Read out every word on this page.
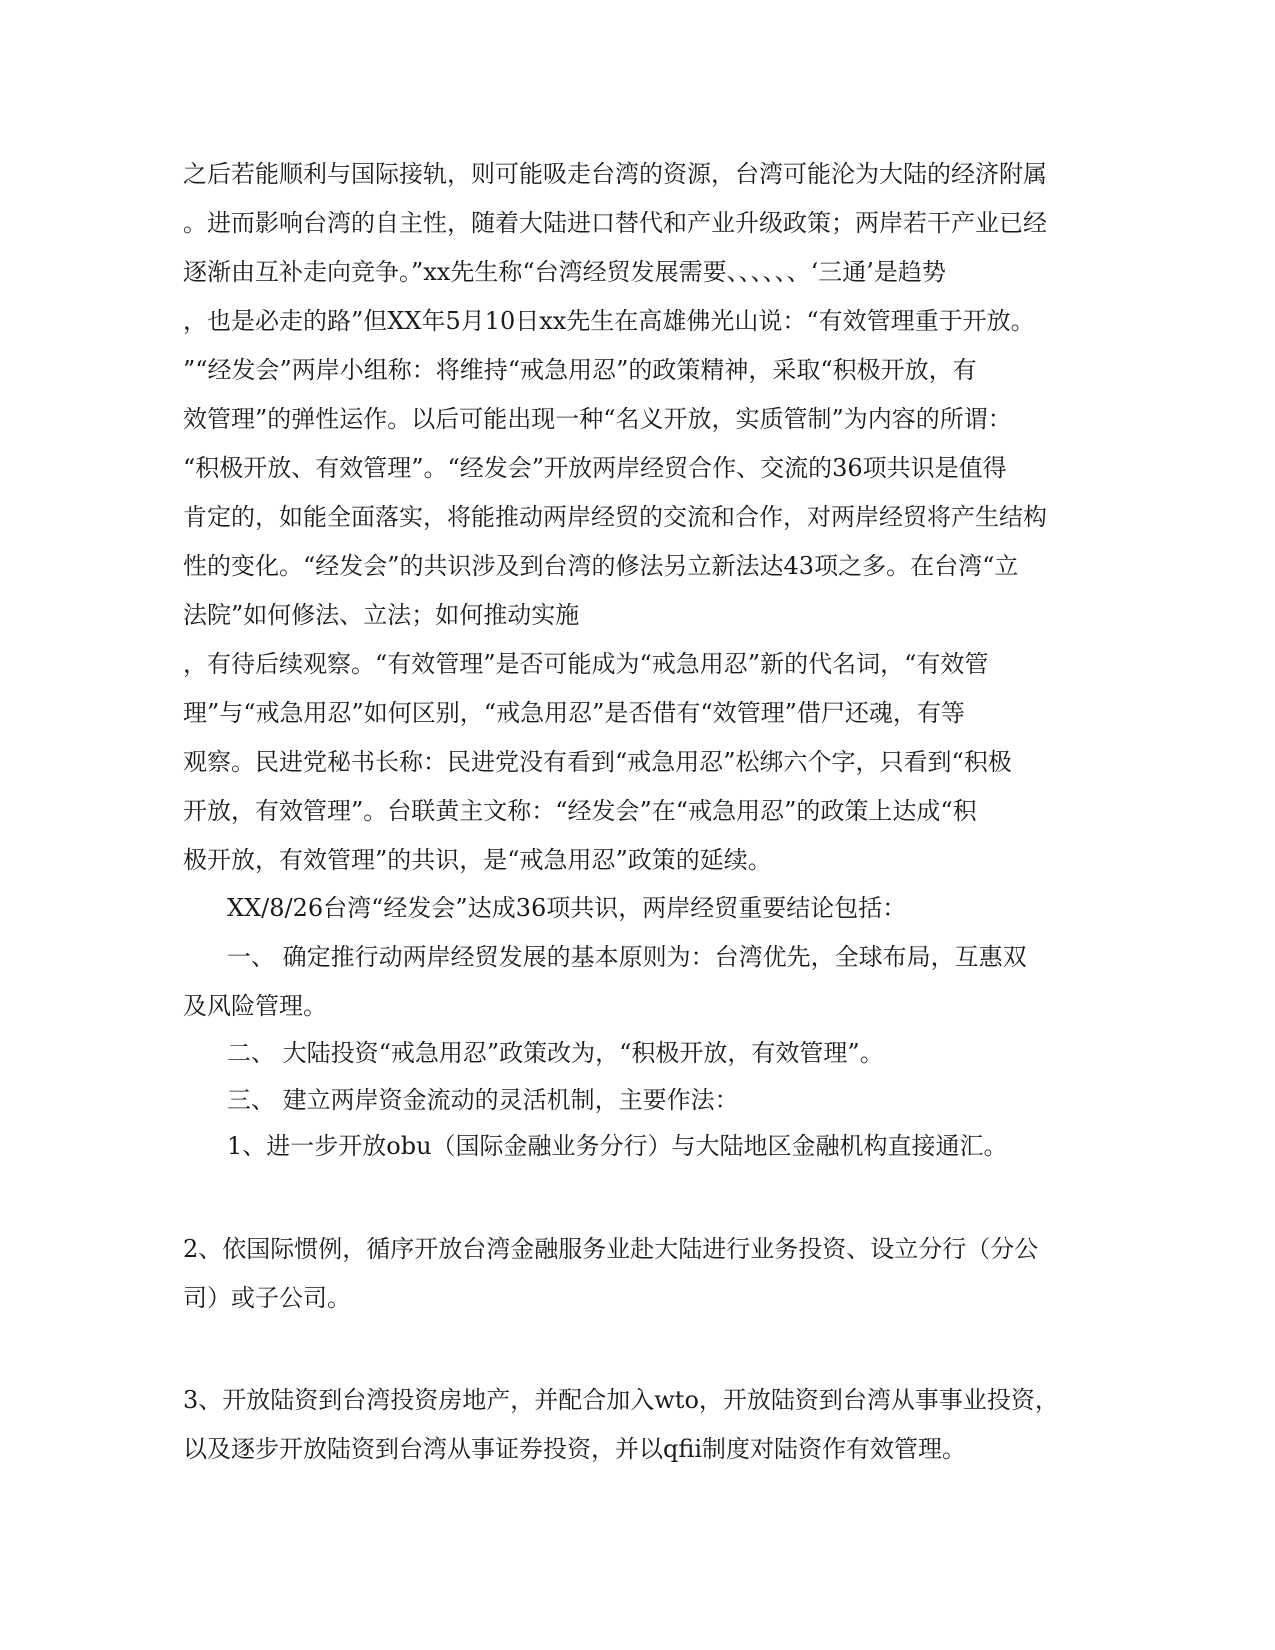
之后若能顺利与国际接轨，则可能吸走台湾的资源，台湾可能沦为大陆的经济附属
。进而影响台湾的自主性，随着大陆进口替代和产业升级政策；两岸若干产业已经
逐渐由互补走向竞争。”xx先生称“台湾经贸发展需要、、、、、、‘三通’是趋势
，也是必走的路”但XX年5月10日xx先生在高雄佛光山说：“有效管理重于开放。
”“经发会”两岸小组称：将维持“戒急用忍”的政策精神，采取“积极开放，有
效管理”的弹性运作。以后可能出现一种“名义开放，实质管制”为内容的所谓：
“积极开放、有效管理”。“经发会”开放两岸经贸合作、交流的36项共识是值得
肯定的，如能全面落实，将能推动两岸经贸的交流和合作，对两岸经贸将产生结构
性的变化。“经发会”的共识涉及到台湾的修法另立新法达43项之多。在台湾“立
法院”如何修法、立法；如何推动实施
，有待后续观察。“有效管理”是否可能成为“戒急用忍”新的代名词，“有效管
理”与“戒急用忍”如何区别，“戒急用忍”是否借有“效管理”借尸还魂，有等
观察。民进党秘书长称：民进党没有看到“戒急用忍”松绑六个字，只看到“积极
开放，有效管理”。台联黄主文称：“经发会”在“戒急用忍”的政策上达成“积
极开放，有效管理”的共识，是“戒急用忍”政策的延续。
XX/8/26台湾“经发会”达成36项共识，两岸经贸重要结论包括：
一、 确定推行动两岸经贸发展的基本原则为：台湾优先，全球布局，互惠双
及风险管理。
二、 大陆投资“戒急用忍”政策改为，“积极开放，有效管理”。
三、 建立两岸资金流动的灵活机制，主要作法：
1、进一步开放obu（国际金融业务分行）与大陆地区金融机构直接通汇。
2、依国际惯例，循序开放台湾金融服务业赴大陆进行业务投资、设立分行（分公
司）或子公司。
3、开放陆资到台湾投资房地产，并配合加入wto，开放陆资到台湾从事事业投资，
以及逐步开放陆资到台湾从事证券投资，并以qfii制度对陆资作有效管理。
